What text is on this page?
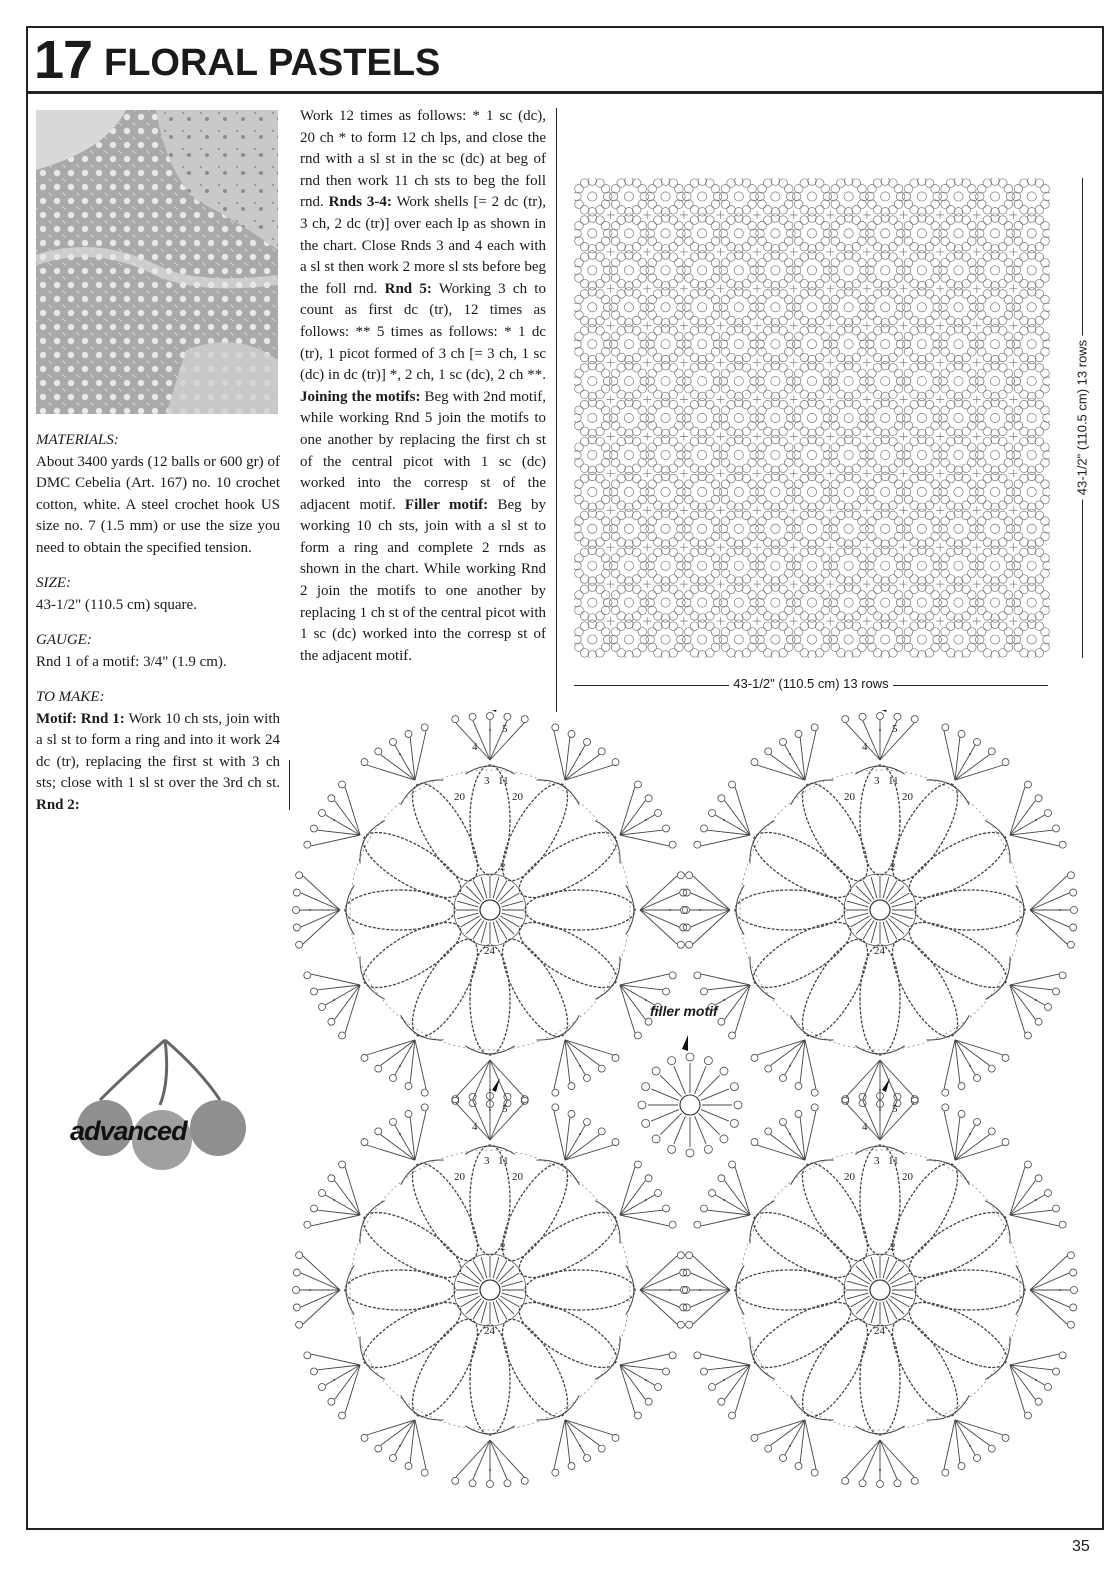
17 FLORAL PASTELS

MATERIALS:
About 3400 yards (12 balls or 600 gr) of DMC Cebelia (Art. 167) no. 10 crochet cotton, white. A steel crochet hook US size no. 7 (1.5 mm) or use the size you need to obtain the specified tension.

SIZE:
43-1/2" (110.5 cm) square.

GAUGE:
Rnd 1 of a motif: 3/4" (1.9 cm).

TO MAKE:
Motif: Rnd 1: Work 10 ch sts, join with a sl st to form a ring and into it work 24 dc (tr), replacing the first st with 3 ch sts; close with 1 sl st over the 3rd ch st. Rnd 2:

Work 12 times as follows: * 1 sc (dc), 20 ch * to form 12 ch lps, and close the rnd with a sl st in the sc (dc) at beg of rnd then work 11 ch sts to beg the foll rnd. Rnds 3-4: Work shells [= 2 dc (tr), 3 ch, 2 dc (tr)] over each lp as shown in the chart. Close Rnds 3 and 4 each with a sl st then work 2 more sl sts before beg the foll rnd. Rnd 5: Working 3 ch to count as first dc (tr), 12 times as follows: ** 5 times as follows: * 1 dc (tr), 1 picot formed of 3 ch [= 3 ch, 1 sc (dc) in dc (tr)] *, 2 ch, 1 sc (dc), 2 ch **. Joining the motifs: Beg with 2nd motif, while working Rnd 5 join the motifs to one another by replacing the first ch st of the central picot with 1 sc (dc) worked into the corresp st of the adjacent motif. Filler motif: Beg by working 10 ch sts, join with a sl st to form a ring and complete 2 rnds as shown in the chart. While working Rnd 2 join the motifs to one another by replacing 1 ch st of the central picot with 1 sc (dc) worked into the corresp st of the adjacent motif.

43-1/2" (110.5 cm) 13 rows
43-1/2" (110.5 cm) 13 rows
5
4
3 11
20	20
2
24
5
4
3 11
20	20
2
24
5
4
3 11
20	20
2
24
5
4
3 11
20	20
2
24
filler motif
advanced
35
